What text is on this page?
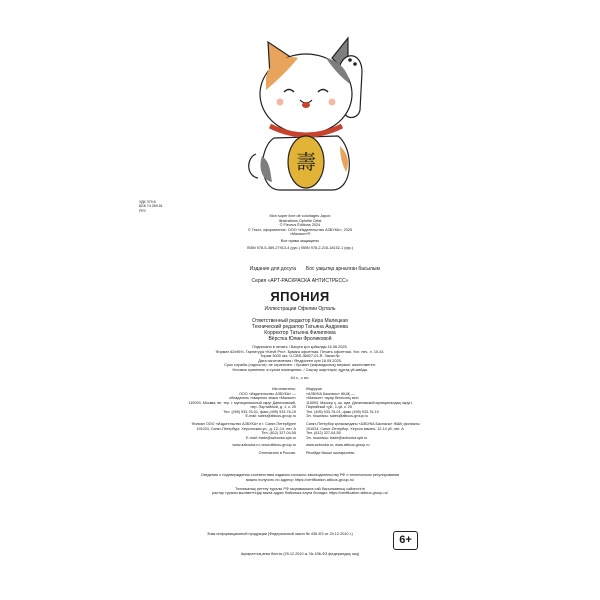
壽
УДК 379.8
ББК 74.269.51
Я70
Mon super livre de coloriages Japon
Illustrations Ophélie Ortal
© Fleurus Éditions 2024
© Текст, оформление. ООО «Издательство АЗБУКА», 2025
«Махаон»®
Все права защищены
ISBN 978-5-389-27913-4 (рус.) ISBN 978-2-215-18152-1 (фр.)
Издание для досуга Бос уақытқа арналған басылым
Серия «АРТ-РАСКРАСКА АНТИСТРЕСС»
ЯПОНИЯ
Иллюстрации Офелии Орталь
Ответственный редактор Кира Малецкая
Технический редактор Татьяна Андреева
Корректор Татьяна Филиппова
Вёрстка Юлии Фроликовой
Подписано в печать / Басуға қол қойылды 16.06.2025.
Формат 62х96⅛. Гарнитура «Kievit Pro». Бумага офсетная. Печать офсетная. Усл. печ. л. 10,43.
Тираж 3000 экз. U-CBS-36827-01-R. Заказ №
Дата изготовления / Өндірілген күні 16.09.2025.
Срок службы (годности): не ограничен. / Қызмет (жарамдылық) мерзімі: шектелмеген.
Условия хранения: в сухом помещении. / Сақтау шарттары: құрғақ үй-жайда.
64 с., с ил.
Изготовитель:
ООО «Издательство АЗБУКА» —
обладатель товарного знака «Махаон»
115093, Москва, вн. тер. г. муниципальный округ Даниловский,
пер. Партийный, д. 1, к. 25
Тел. (495) 933-76-01, факс (495) 933-76-19
E-mail: sales@atticus-group.ru
Өндіруші:
«АЗБУКА Баспасы» ЖШҚ —
«Махаон» тауар белгісінің иесі
115093, Мәскеу, қ. іш. аум. Даниловский муниципалдық округі,
Партийный тұй., 1-үй, к. 25
Тел. (495) 933-76-01, факс (495) 933-76-19
Эл. поштасы: sales@atticus-group.ru
Филиал ООО «Издательство АЗБУКА» в г. Санкт-Петербурге
191024, Санкт-Петербург, Херсонская ул., д. 12–14, лит. А
Тел. (812) 327-04-55
E-mail: trade@azbooka.spb.ru
www.azbooka.ru; www.atticus-group.ru
Отпечатано в России.
Санкт-Петербор қаласындағы «АЗБУКА Баспасы» ЖШҚ филиалы
191024, Санкт-Петербор, Херсон көшесі, 12-14 үй, лит. А
Тел. (812) 327-04-55
Эл. поштасы: trade@azbooka.spb.ru
www.azbooka.ru; www.atticus-group.ru
Ресейде басып шығарылған.
Сведения о подтверждении соответствия издания согласно законодательству РФ о техническом регулировании
можно получить по адресу: https://certification.atticus-group.ru/

Техникалық реттеу туралы РФ заңнамасына сай басылымның сәйкестігін
растау туралы мәліметтерді мына адрес бойынша алуға болады: https://certification.atticus-group.ru/
Знак информационной продукции (Федеральный закон № 436-ФЗ от 29.12.2010 г.)
Ақпараттық өнім белгісі (29.12.2010 ж. № 436-ФЗ федералдық заң)
6+
